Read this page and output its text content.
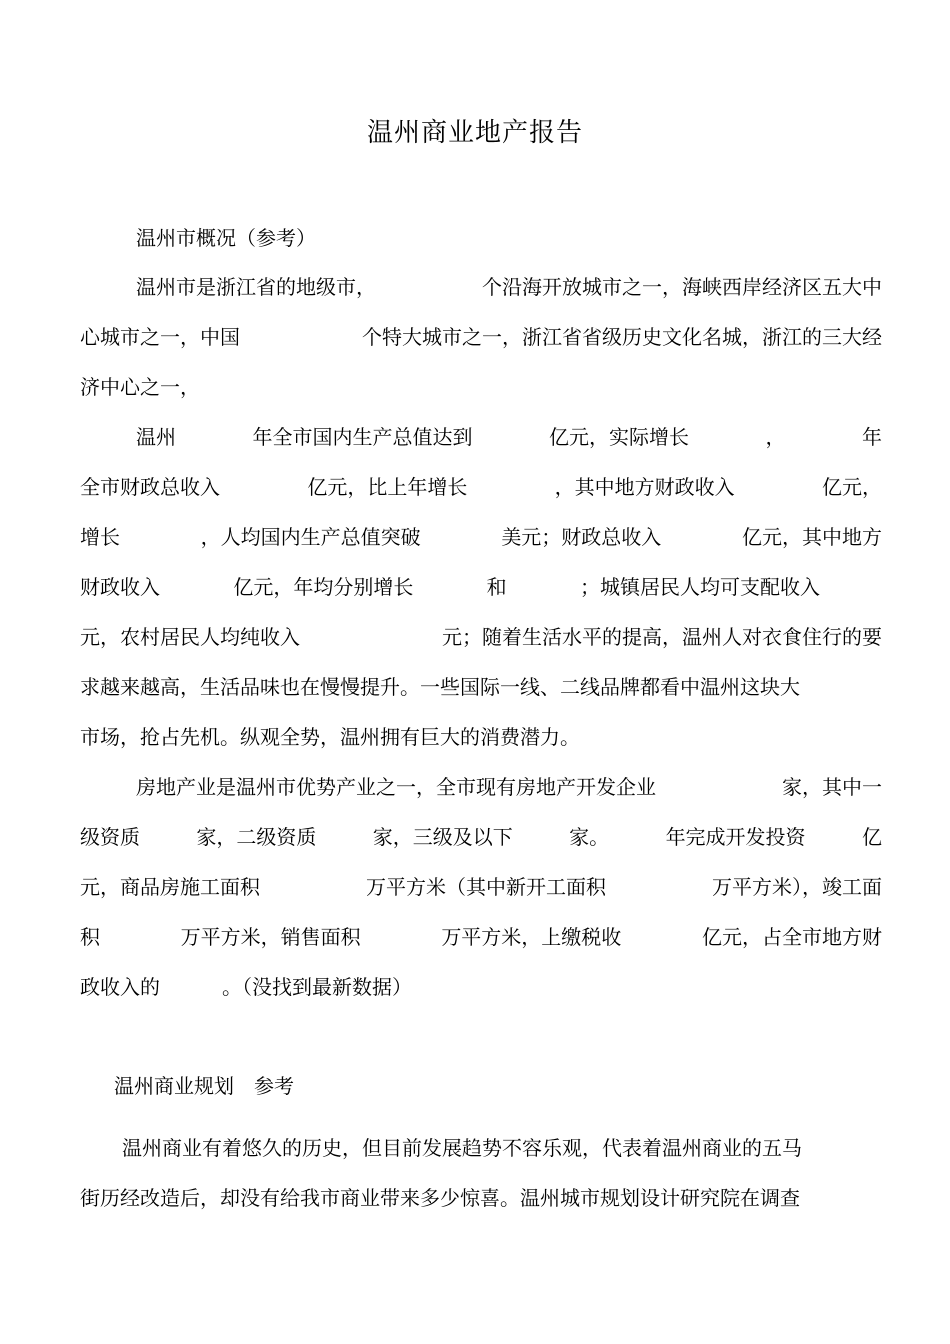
温州商业地产报告
温州市概况（参考）
温州市是浙江省的地级市，	个沿海开放城市之一，海峡西岸经济区五大中
心城市之一，中国	个特大城市之一，浙江省省级历史文化名城，浙江的三大经
济中心之一，
温州	年全市国内生产总值达到	亿元，实际增长	，	年
全市财政总收入	亿元，比上年增长	，其中地方财政收入	亿元，
增长	，人均国内生产总值突破	美元；财政总收入	亿元，其中地方
财政收入	亿元，年均分别增长	和	；城镇居民人均可支配收入
元，农村居民人均纯收入	元；随着生活水平的提高，温州人对衣食住行的要
求越来越高，生活品味也在慢慢提升。一些国际一线、二线品牌都看中温州这块大
市场，抢占先机。纵观全势，温州拥有巨大的消费潜力。
房地产业是温州市优势产业之一，全市现有房地产开发企业	家，其中一
级资质	家，二级资质	家，三级及以下	家。	年完成开发投资	亿
元，商品房施工面积	万平方米（其中新开工面积	万平方米），竣工面
积	万平方米，销售面积	万平方米，上缴税收	亿元，占全市地方财
政收入的	。（没找到最新数据）
温州商业规划　参考
温州商业有着悠久的历史，但目前发展趋势不容乐观，代表着温州商业的五马
街历经改造后，却没有给我市商业带来多少惊喜。温州城市规划设计研究院在调查
